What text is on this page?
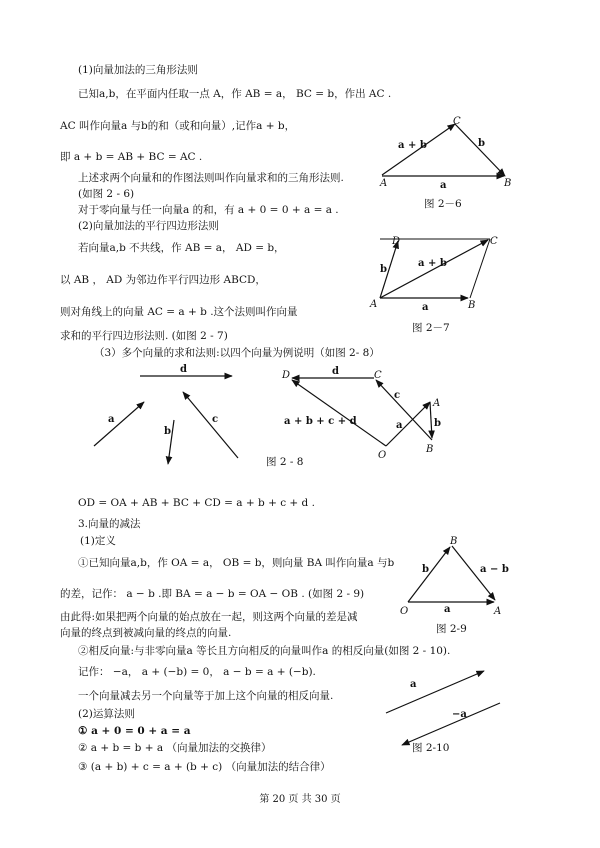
(1)向量加法的三角形法则
已知a,b，在平面内任取一点 A，作 AB = a， BC = b，作出 AC .
AC 叫作向量a 与b的和（或和向量）,记作a + b，
即 a + b = AB + BC = AC .
上述求两个向量和的作图法则叫作向量求和的三角形法则.
(如图 2 - 6)
对于零向量与任一向量a 的和，有 a + 0 = 0 + a = a .
(2)向量加法的平行四边形法则
若向量a,b 不共线，作 AB = a， AD = b，
以 AB ， AD 为邻边作平行四边形 ABCD，
则对角线上的向量 AC = a + b .这个法则叫作向量
求和的平行四边形法则. (如图 2 - 7)
（3）多个向量的求和法则:以四个向量为例说明（如图 2- 8）
OD = OA + AB + BC + CD = a + b + c + d .
3.向量的减法
(1)定义
①已知向量a,b，作 OA = a， OB = b，则向量 BA 叫作向量a 与b
的差，记作： a − b .即 BA = a − b = OA − OB . (如图 2 - 9)
由此得:如果把两个向量的始点放在一起，则这两个向量的差是减
向量的终点到被减向量的终点的向量.
②相反向量:与非零向量a 等长且方向相反的向量叫作a 的相反向量(如图 2 - 10).
记作： −a， a + (−b) = 0， a − b = a + (−b).
一个向量减去另一个向量等于加上这个向量的相反向量.
(2)运算法则
① a + 0 = 0 + a = a
② a + b = b + a （向量加法的交换律）
③ (a + b) + c = a + (b + c) （向量加法的结合律）
C
A	B
a + b	b
a
图 2－6
D	C
A	B
b
a + b
a
图 2－7
d
a
b
c
d
a	b
c
a + b + c + d
D	C
A
B
O
图 2 - 8
B
O	A
b
a
a − b
图 2-9
a
−a
图 2-10
第 20 页 共 30 页
